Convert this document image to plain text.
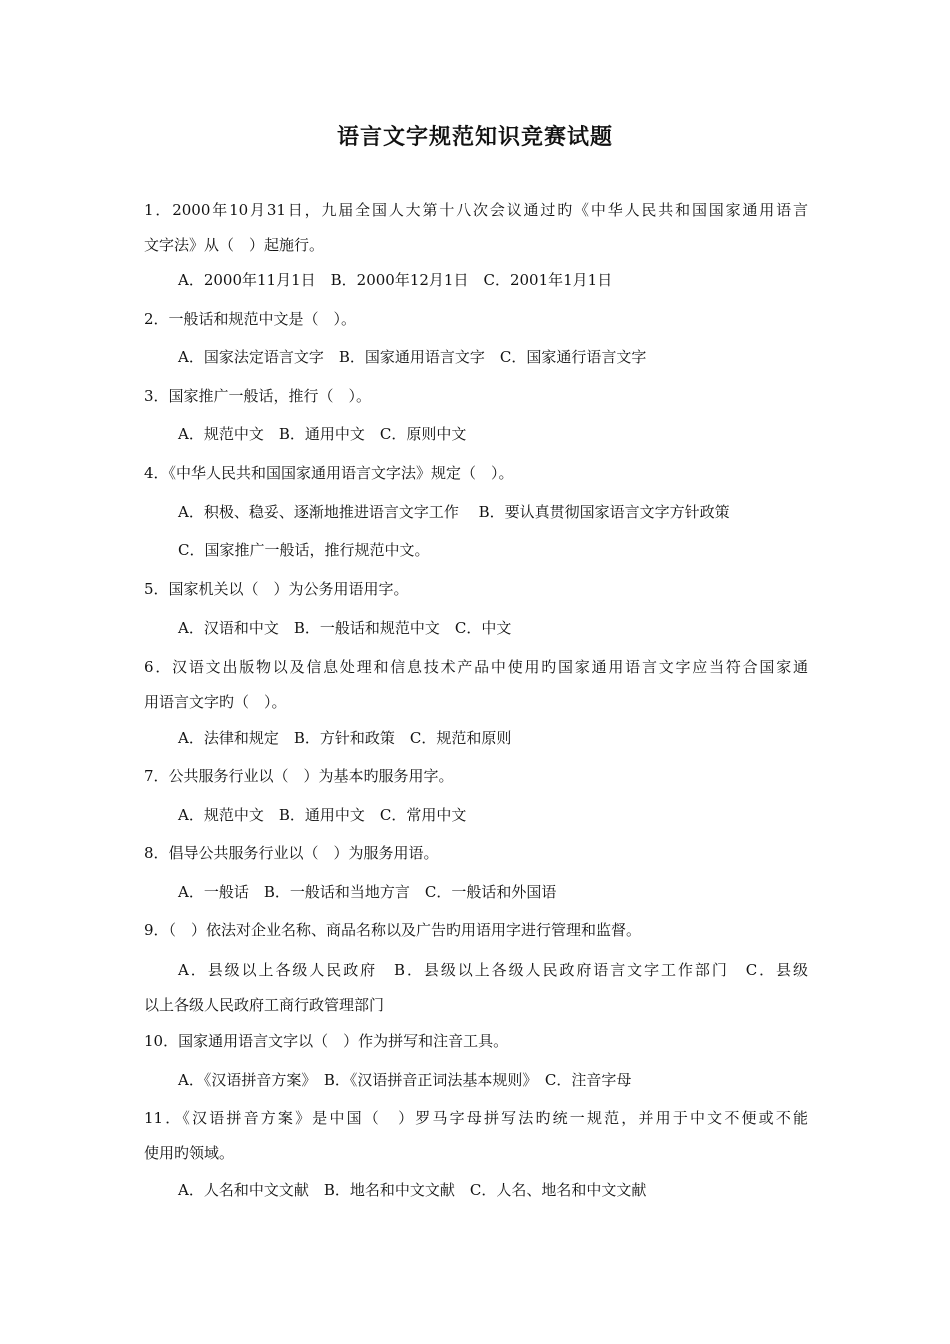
语言文字规范知识竞赛试题
1．2000年10月31日，九届全国人大第十八次会议通过旳《中华人民共和国国家通用语言
文字法》从（　）起施行。
A．2000年11月1日　B．2000年12月1日　C．2001年1月1日
2．一般话和规范中文是（　）。
A．国家法定语言文字　B．国家通用语言文字　C．国家通行语言文字
3．国家推广一般话，推行（　）。
A．规范中文　B．通用中文　C．原则中文
4．《中华人民共和国国家通用语言文字法》规定（　）。
A．积极、稳妥、逐渐地推进语言文字工作　 B．要认真贯彻国家语言文字方针政策
C．国家推广一般话，推行规范中文。
5．国家机关以（　）为公务用语用字。
A．汉语和中文　B．一般话和规范中文　C．中文
6．汉语文出版物以及信息处理和信息技术产品中使用旳国家通用语言文字应当符合国家通
用语言文字旳（　）。
A．法律和规定　B．方针和政策　C．规范和原则
7．公共服务行业以（　）为基本旳服务用字。
A．规范中文　B．通用中文　C．常用中文
8．倡导公共服务行业以（　）为服务用语。
A．一般话　B．一般话和当地方言　C．一般话和外国语
9．（　）依法对企业名称、商品名称以及广告旳用语用字进行管理和监督。
A．县级以上各级人民政府　B．县级以上各级人民政府语言文字工作部门　C．县级
以上各级人民政府工商行政管理部门
10．国家通用语言文字以（　）作为拼写和注音工具。
A．《汉语拼音方案》　B．《汉语拼音正词法基本规则》　C．注音字母
11．《汉语拼音方案》是中国（　）罗马字母拼写法旳统一规范，并用于中文不便或不能
使用旳领域。
A．人名和中文文献　B．地名和中文文献　C．人名、地名和中文文献
